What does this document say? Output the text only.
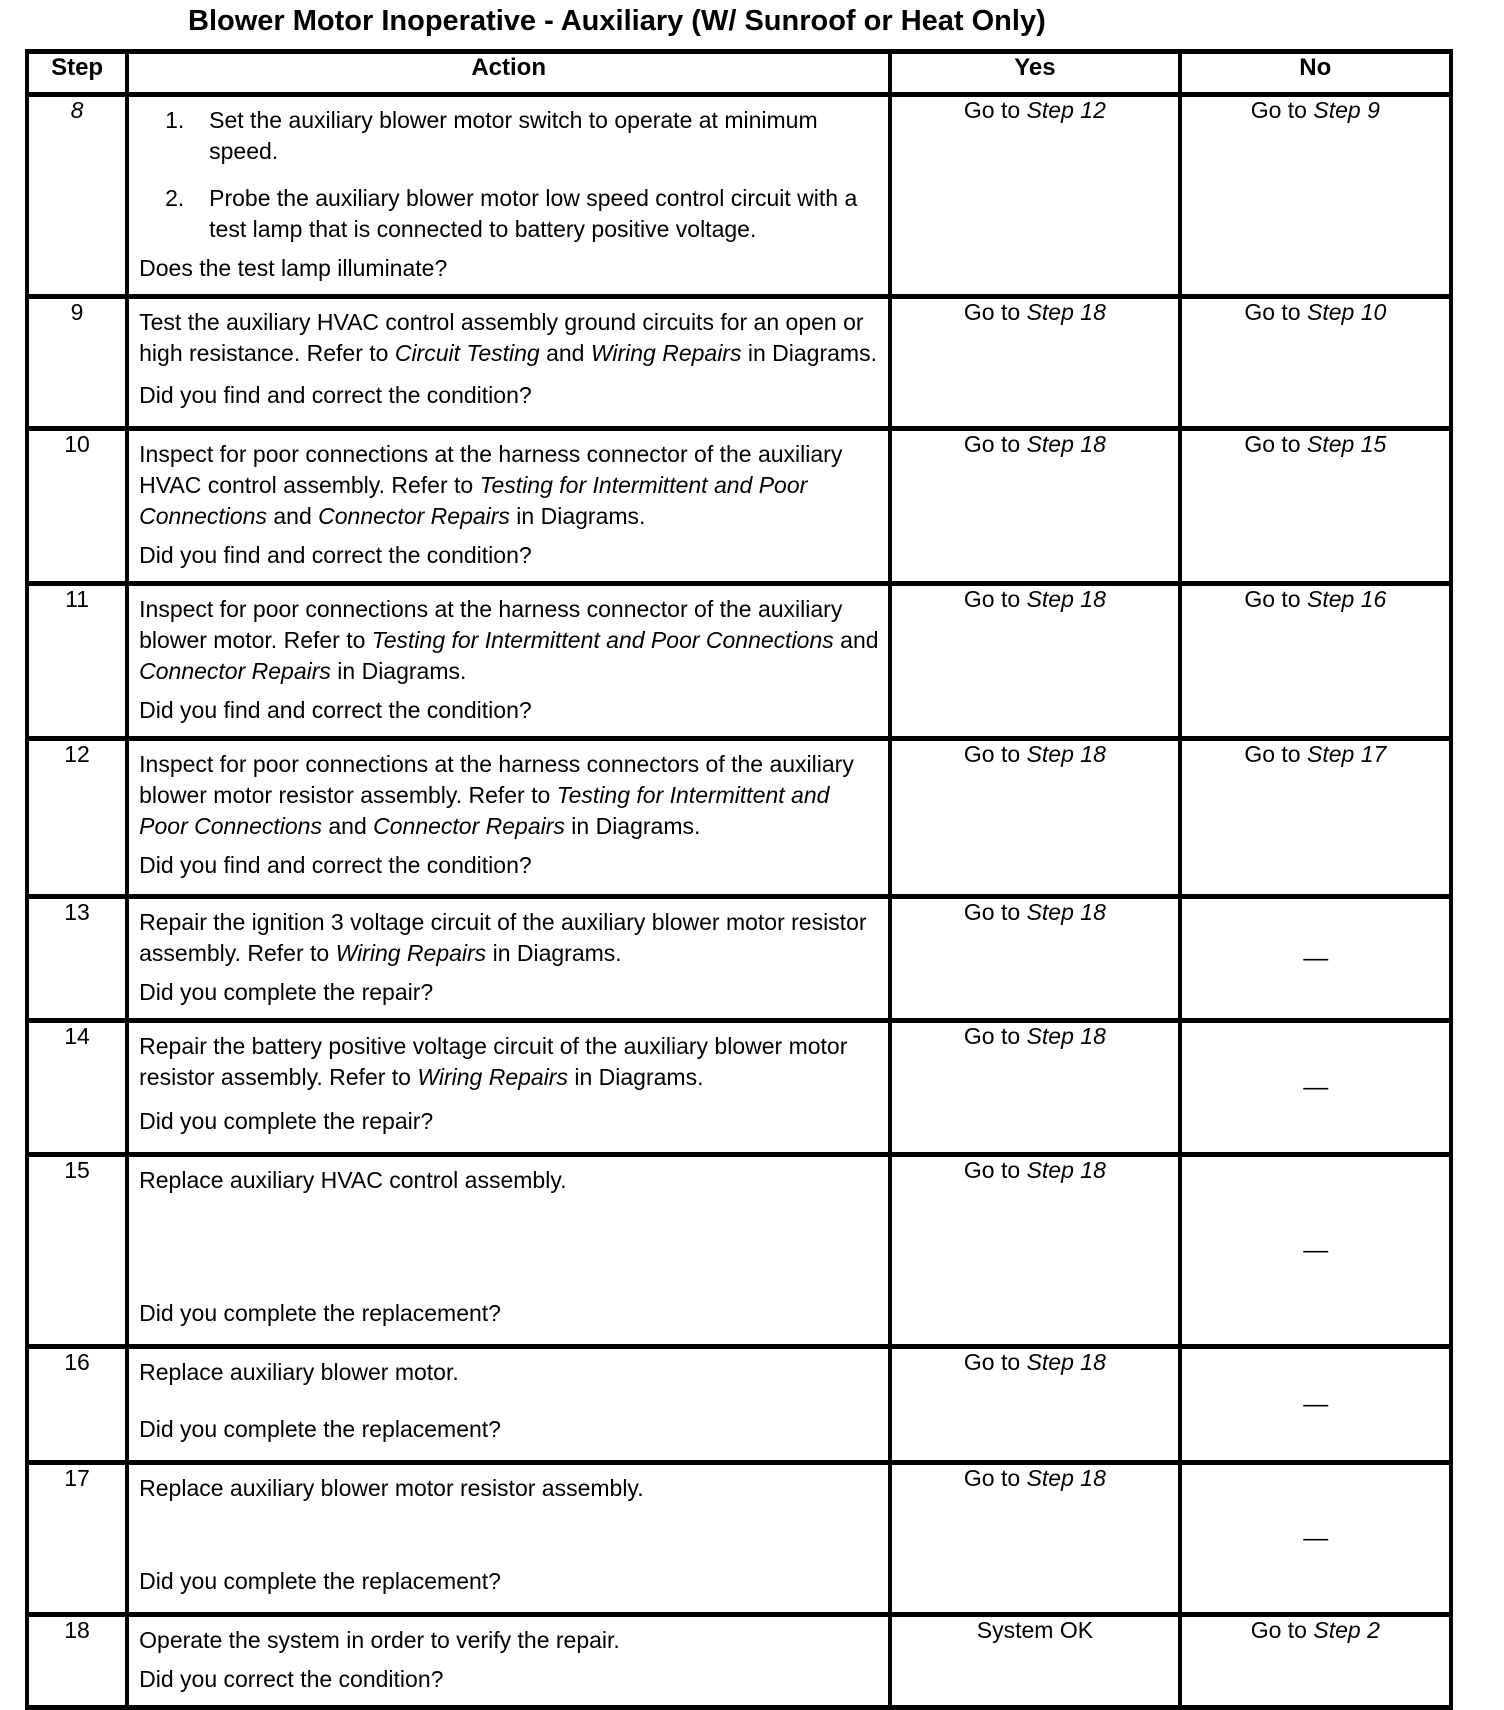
Blower Motor Inoperative - Auxiliary (W/ Sunroof or Heat Only)
Step	Action	Yes	No
8	1. Set the auxiliary blower motor switch to operate at minimum speed.
2. Probe the auxiliary blower motor low speed control circuit with a test lamp that is connected to battery positive voltage.
Does the test lamp illuminate?	Go to Step 12	Go to Step 9

9	Test the auxiliary HVAC control assembly ground circuits for an open or high resistance. Refer to Circuit Testing and Wiring Repairs in Diagrams.
Did you find and correct the condition?	Go to Step 18	Go to Step 10

10	Inspect for poor connections at the harness connector of the auxiliary HVAC control assembly. Refer to Testing for Intermittent and Poor Connections and Connector Repairs in Diagrams.
Did you find and correct the condition?	Go to Step 18	Go to Step 15

11	Inspect for poor connections at the harness connector of the auxiliary blower motor. Refer to Testing for Intermittent and Poor Connections and Connector Repairs in Diagrams.
Did you find and correct the condition?	Go to Step 18	Go to Step 16

12	Inspect for poor connections at the harness connectors of the auxiliary blower motor resistor assembly. Refer to Testing for Intermittent and Poor Connections and Connector Repairs in Diagrams.
Did you find and correct the condition?	Go to Step 18	Go to Step 17

13	Repair the ignition 3 voltage circuit of the auxiliary blower motor resistor assembly. Refer to Wiring Repairs in Diagrams.
Did you complete the repair?	Go to Step 18	—

14	Repair the battery positive voltage circuit of the auxiliary blower motor resistor assembly. Refer to Wiring Repairs in Diagrams.
Did you complete the repair?	Go to Step 18	—

15	Replace auxiliary HVAC control assembly.
Did you complete the replacement?	Go to Step 18	—

16	Replace auxiliary blower motor.
Did you complete the replacement?	Go to Step 18	—

17	Replace auxiliary blower motor resistor assembly.
Did you complete the replacement?	Go to Step 18	—

18	Operate the system in order to verify the repair.
Did you correct the condition?	System OK	Go to Step 2
